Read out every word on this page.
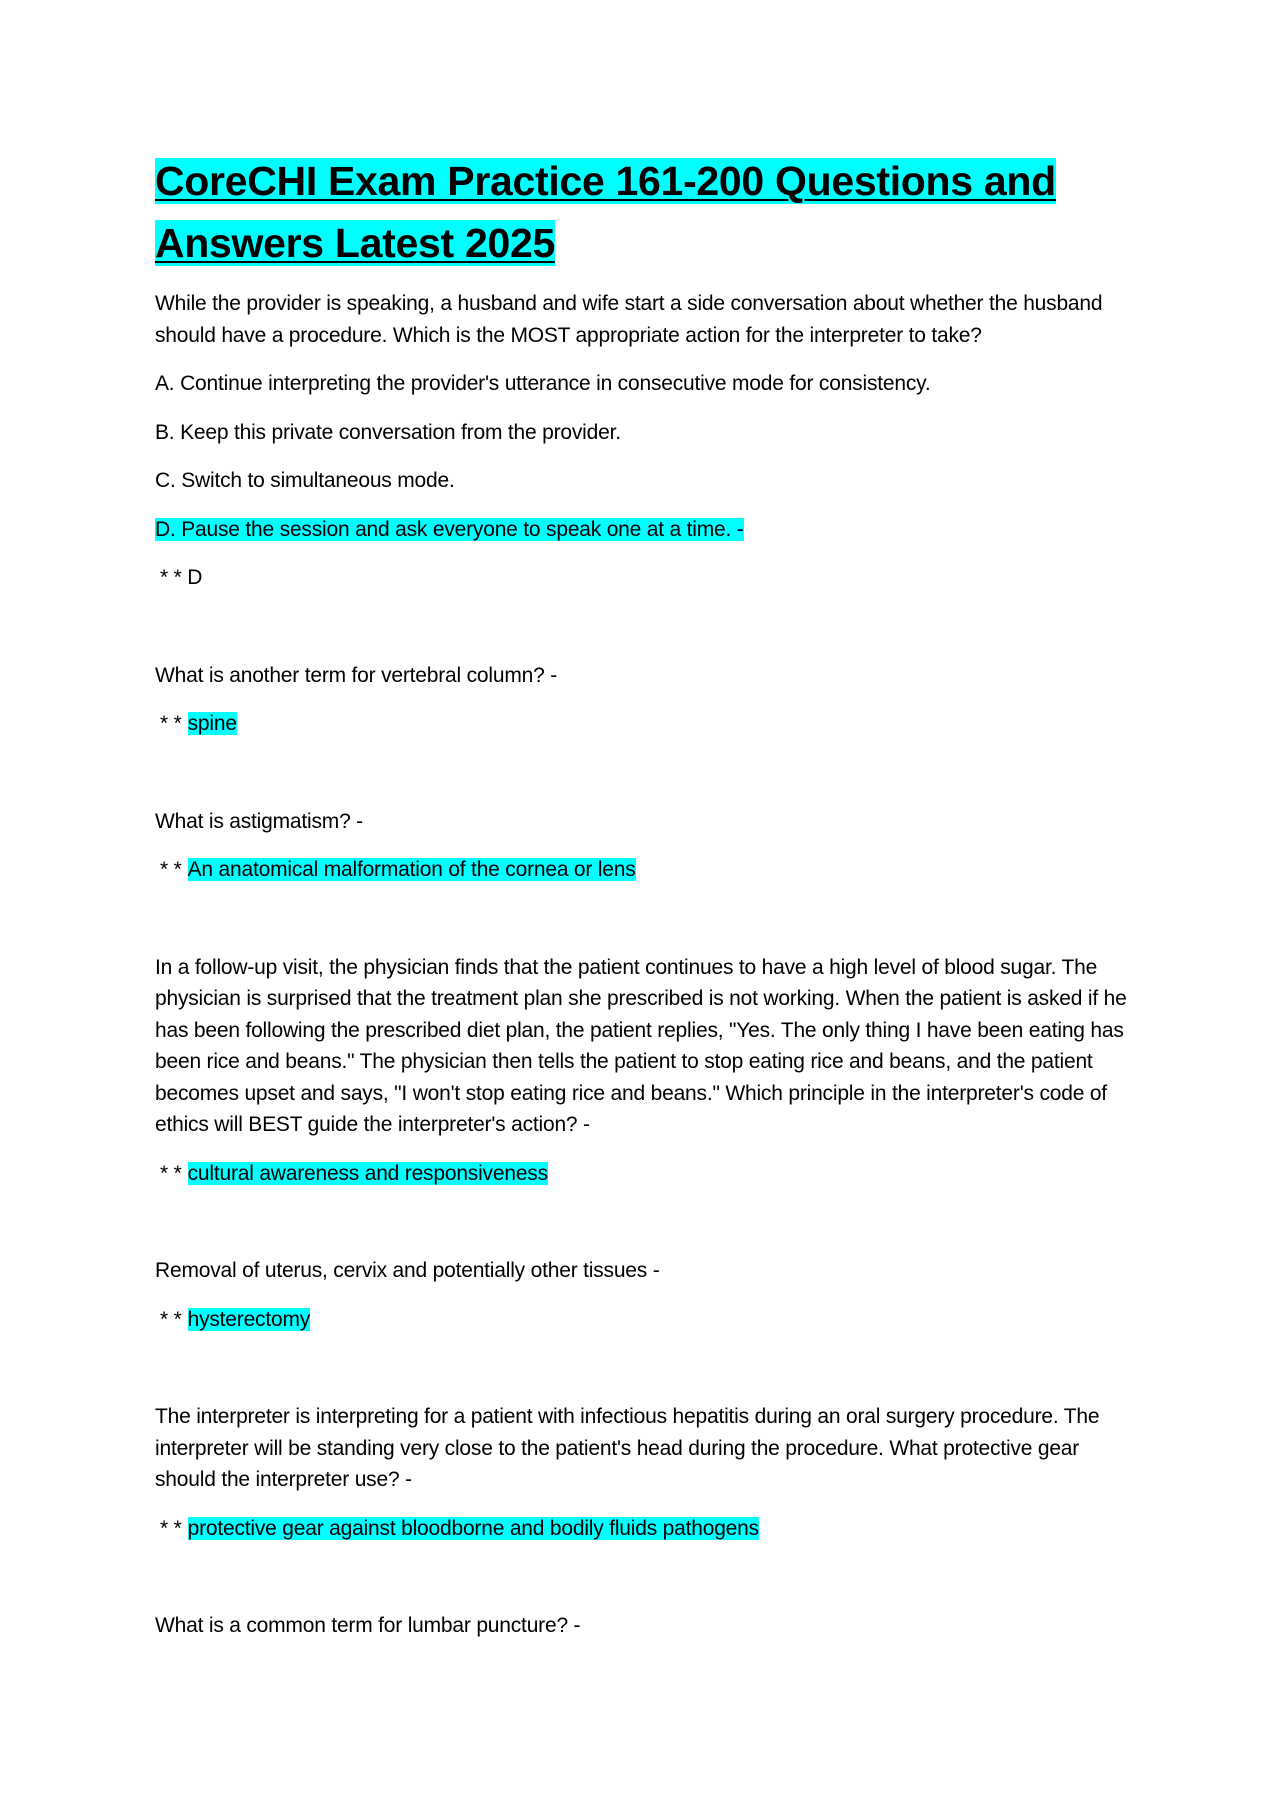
CoreCHI Exam Practice 161-200 Questions and
Answers Latest 2025

While the provider is speaking, a husband and wife start a side conversation about whether the husband should have a procedure. Which is the MOST appropriate action for the interpreter to take?

A. Continue interpreting the provider's utterance in consecutive mode for consistency.

B. Keep this private conversation from the provider.

C. Switch to simultaneous mode.

D. Pause the session and ask everyone to speak one at a time. -

* * D

What is another term for vertebral column? -

* * spine

What is astigmatism? -

* * An anatomical malformation of the cornea or lens

In a follow-up visit, the physician finds that the patient continues to have a high level of blood sugar. The physician is surprised that the treatment plan she prescribed is not working. When the patient is asked if he has been following the prescribed diet plan, the patient replies, "Yes. The only thing I have been eating has been rice and beans." The physician then tells the patient to stop eating rice and beans, and the patient becomes upset and says, "I won't stop eating rice and beans." Which principle in the interpreter's code of ethics will BEST guide the interpreter's action? -

* * cultural awareness and responsiveness

Removal of uterus, cervix and potentially other tissues -

* * hysterectomy

The interpreter is interpreting for a patient with infectious hepatitis during an oral surgery procedure. The interpreter will be standing very close to the patient's head during the procedure. What protective gear should the interpreter use? -

* * protective gear against bloodborne and bodily fluids pathogens

What is a common term for lumbar puncture? -
